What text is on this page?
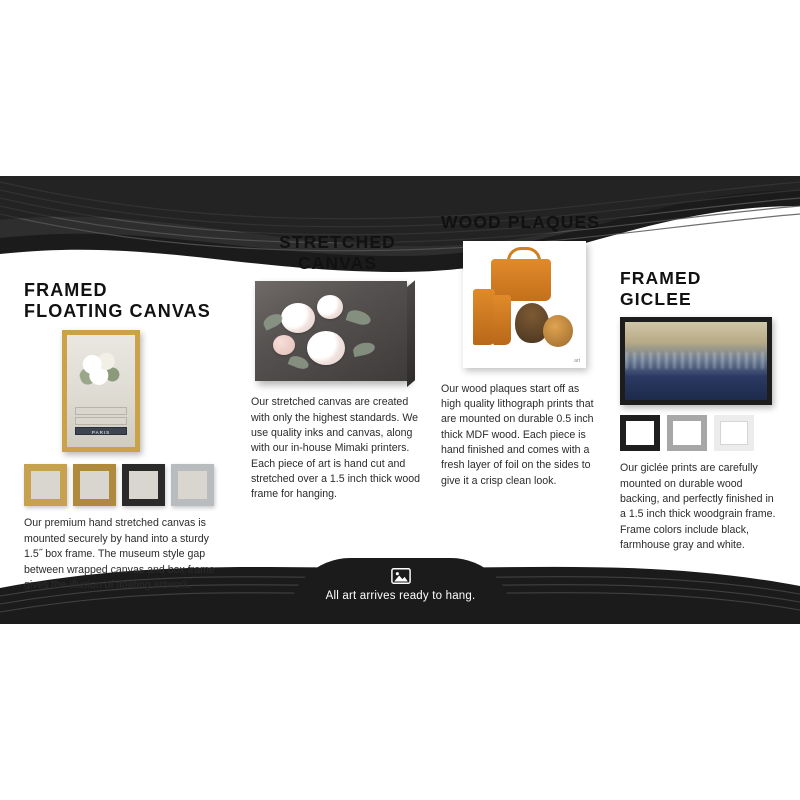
All art arrives ready to hang.
FRAMED
FLOATING CANVAS
PARIS

Our premium hand stretched canvas is mounted securely by hand into a sturdy 1.5˝ box frame. The museum style gap between wrapped canvas and box frame gives the illusion of floating artwork.

STRETCHED
CANVAS

Our stretched canvas are created with only the highest standards. We use quality inks and canvas, along with our in-house Mimaki printers. Each piece of art is hand cut and stretched over a 1.5 inch thick wood frame for hanging.

WOOD PLAQUES
art

Our wood plaques start off as high quality lithograph prints that are mounted on durable 0.5 inch thick MDF wood. Each piece is hand finished and comes with a fresh layer of foil on the sides to give it a crisp clean look.

FRAMED GICLEE

Our giclée prints are carefully mounted on durable wood backing, and perfectly finished in a 1.5 inch thick woodgrain frame. Frame colors include black, farmhouse gray and white.
